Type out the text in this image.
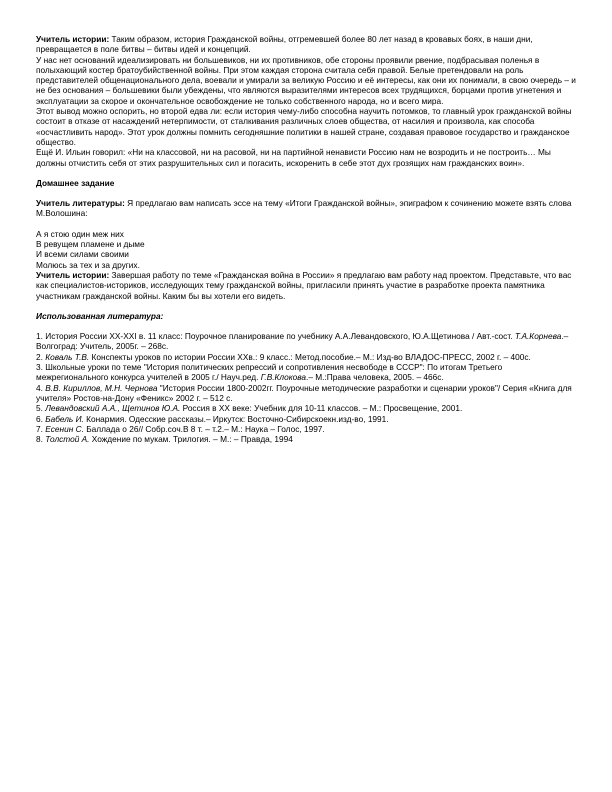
Учитель истории: Таким образом, история Гражданской войны, отгремевшей более 80 лет назад в кровавых боях, в наши дни, превращается в поле битвы – битвы идей и концепций.

У нас нет оснований идеализировать ни большевиков, ни их противников, обе стороны проявили рвение, подбрасывая поленья в полыхающий костер братоубийственной войны. При этом каждая сторона считала себя правой. Белые претендовали на роль представителей общенационального дела, воевали и умирали за великую Россию и её интересы, как они их понимали, в свою очередь – и не без основания – большевики были убеждены, что являются выразителями интересов всех трудящихся, борцами против угнетения и эксплуатации за скорое и окончательное освобождение не только собственного народа, но и всего мира.

Этот вывод можно оспорить, но второй едва ли: если история чему-либо способна научить потомков, то главный урок гражданской войны состоит в отказе от насаждений нетерпимости, от сталкивания различных слоев общества, от насилия и произвола, как способа «осчастливить народ». Этот урок должны помнить сегодняшние политики в нашей стране, создавая правовое государство и гражданское общество.

Ещё И. Ильин говорил: «Ни на классовой, ни на расовой, ни на партийной ненависти Россию нам не возродить и не построить… Мы должны отчистить себя от этих разрушительных сил и погасить, искоренить в себе этот дух грозящих нам гражданских воин».

Домашнее задание

Учитель литературы: Я предлагаю вам написать эссе на тему «Итоги Гражданской войны», эпиграфом к сочинению можете взять слова М.Волошина:

А я стою один меж них

В ревущем пламене и дыме

И всеми силами своими

Молюсь за тех и за других.

Учитель истории: Завершая работу по теме «Гражданская война в России» я предлагаю вам работу над проектом. Представьте, что вас как специалистов-историков, исследующих тему гражданской войны, пригласили принять участие в разработке проекта памятника участникам гражданской войны. Каким бы вы хотели его видеть.

Использованная литература:

1. История России XX-XXI в. 11 класс: Поурочное планирование по учебнику А.А.Левандовского, Ю.А.Щетинова / Авт.-сост. Т.А.Корнева.– Волгоград: Учитель, 2005г. – 268с.

2. Коваль Т.В. Конспекты уроков по истории России XXв.: 9 класс.: Метод.пособие.– М.: Изд-во ВЛАДОС-ПРЕСС, 2002 г. – 400с.

3. Школьные уроки по теме "История политических репрессий и сопротивления несвободе в СССР": По итогам Третьего межрегионального конкурса учителей в 2005 г./ Науч.ред. Г.В.Клокова.– М.:Права человека, 2005. – 466с.

4. В.В. Кириллов, М.Н. Чернова "История России 1800-2002гг. Поурочные методические разработки и сценарии уроков"/ Серия «Книга для учителя» Ростов-на-Дону «Феникс» 2002 г. – 512 с.

5. Левандовский А.А., Щетинов Ю.А. Россия в XX веке: Учебник для 10-11 классов. – М.: Просвещение, 2001.

6. Бабель И. Конармия. Одесские рассказы.– Иркутск: Восточно-Сибирскоекн.изд-во, 1991.

7. Есенин С. Баллада о 26// Собр.соч.В 8 т. – т.2.– М.: Наука – Голос, 1997.

8. Толстой А. Хождение по мукам. Трилогия. – М.: – Правда, 1994
